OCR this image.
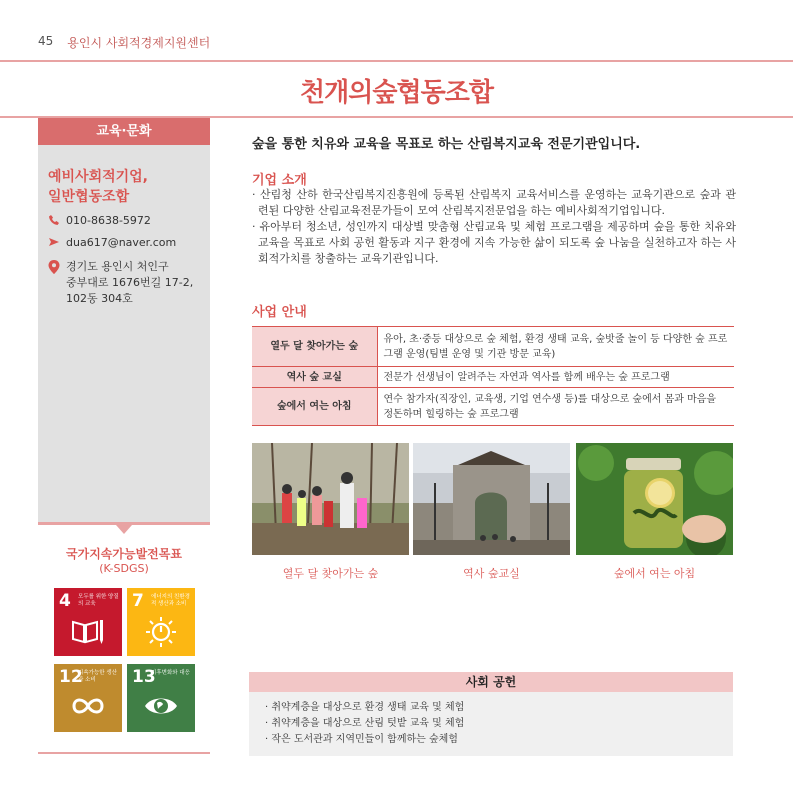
45 용인시 사회적경제지원센터
천개의숲협동조합
교육·문화
예비사회적기업,
일반협동조합
010-8638-5972
dua617@naver.com
경기도 용인시 처인구
중부대로 1676번길 17-2,
102동 304호
국가지속가능발전목표
(K-SDGS)
4 모두를 위한 양질의 교육	7 에너지의 친환경적 생산과 소비
12
지속가능한 생산과 소비	13
기후변화와 대응
숲을 통한 치유와 교육을 목표로 하는 산림복지교육 전문기관입니다.
기업 소개
· 산림청 산하 한국산림복지진흥원에 등록된 산림복지 교육서비스를 운영하는 교육기관으로 숲과 관련된 다양한 산림교육전문가들이 모여 산림복지전문업을 하는 예비사회적기업입니다.
· 유아부터 청소년, 성인까지 대상별 맞춤형 산림교육 및 체험 프로그램을 제공하며 숲을 통한 치유와 교육을 목표로 사회 공헌 활동과 지구 환경에 지속 가능한 삶이 되도록 숲 나눔을 실천하고자 하는 사회적가치를 창출하는 교육기관입니다.
사업 안내
열두 달 찾아가는 숲	유아, 초·중등 대상으로 숲 체험, 환경 생태 교육, 숲밧줄 놀이 등 다양한 숲 프로그램 운영(팀별 운영 및 기관 방문 교육)
역사 숲 교실	전문가 선생님이 알려주는 자연과 역사를 함께 배우는 숲 프로그램
숲에서 여는 아침	연수 참가자(직장인, 교육생, 기업 연수생 등)를 대상으로 숲에서 몸과 마음을 정돈하며 힐링하는 숲 프로그램
열두 달 찾아가는 숲	역사 숲교실	숲에서 여는 아침
사회 공헌
· 취약계층을 대상으로 환경 생태 교육 및 체험
· 취약계층을 대상으로 산림 텃밭 교육 및 체험
· 작은 도서관과 지역민들이 함께하는 숲체험
